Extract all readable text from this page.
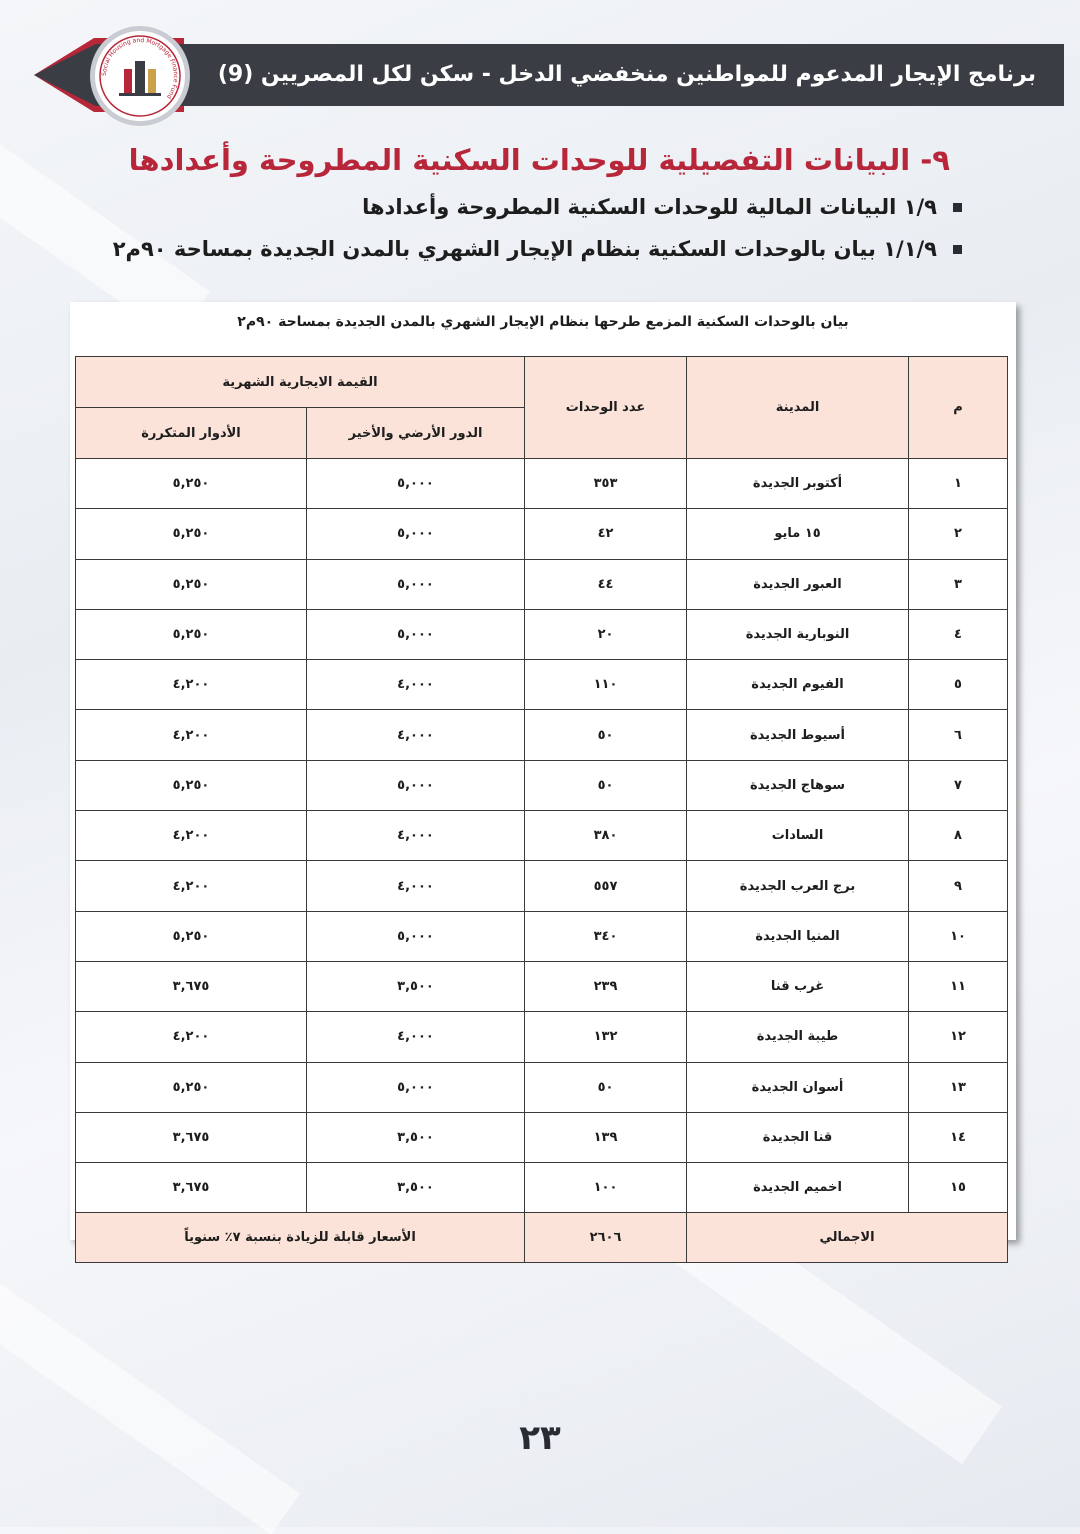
برنامج الإيجار المدعوم للمواطنين منخفضي الدخل - سكن لكل المصريين (9)
Social Housing and Mortgage Finance Fund
٩- البيانات التفصيلية للوحدات السكنية المطروحة وأعدادها
١/٩ البيانات المالية للوحدات السكنية المطروحة وأعدادها
١/١/٩ بيان بالوحدات السكنية بنظام الإيجار الشهري بالمدن الجديدة بمساحة ٩٠م٢
بيان بالوحدات السكنية المزمع طرحها بنظام الإيجار الشهري بالمدن الجديدة بمساحة ٩٠م٢
م	المدينة	عدد الوحدات	القيمة الايجارية الشهرية	
			الدور الأرضي والأخير	الأدوار المتكررة
١	أكتوبر الجديدة	٣٥٣	٥,٠٠٠	٥,٢٥٠
٢	١٥ مايو	٤٢	٥,٠٠٠	٥,٢٥٠
٣	العبور الجديدة	٤٤	٥,٠٠٠	٥,٢٥٠
٤	النوبارية الجديدة	٢٠	٥,٠٠٠	٥,٢٥٠
٥	الفيوم الجديدة	١١٠	٤,٠٠٠	٤,٢٠٠
٦	أسيوط الجديدة	٥٠	٤,٠٠٠	٤,٢٠٠
٧	سوهاج الجديدة	٥٠	٥,٠٠٠	٥,٢٥٠
٨	السادات	٣٨٠	٤,٠٠٠	٤,٢٠٠
٩	برج العرب الجديدة	٥٥٧	٤,٠٠٠	٤,٢٠٠
١٠	المنيا الجديدة	٣٤٠	٥,٠٠٠	٥,٢٥٠
١١	غرب قنا	٢٣٩	٣,٥٠٠	٣,٦٧٥
١٢	طيبة الجديدة	١٣٢	٤,٠٠٠	٤,٢٠٠
١٣	أسوان الجديدة	٥٠	٥,٠٠٠	٥,٢٥٠
١٤	قنا الجديدة	١٣٩	٣,٥٠٠	٣,٦٧٥
١٥	اخميم الجديدة	١٠٠	٣,٥٠٠	٣,٦٧٥
الاجمالي		٢٦٠٦	الأسعار قابلة للزيادة بنسبة ٧٪ سنوياً	
٢٣
